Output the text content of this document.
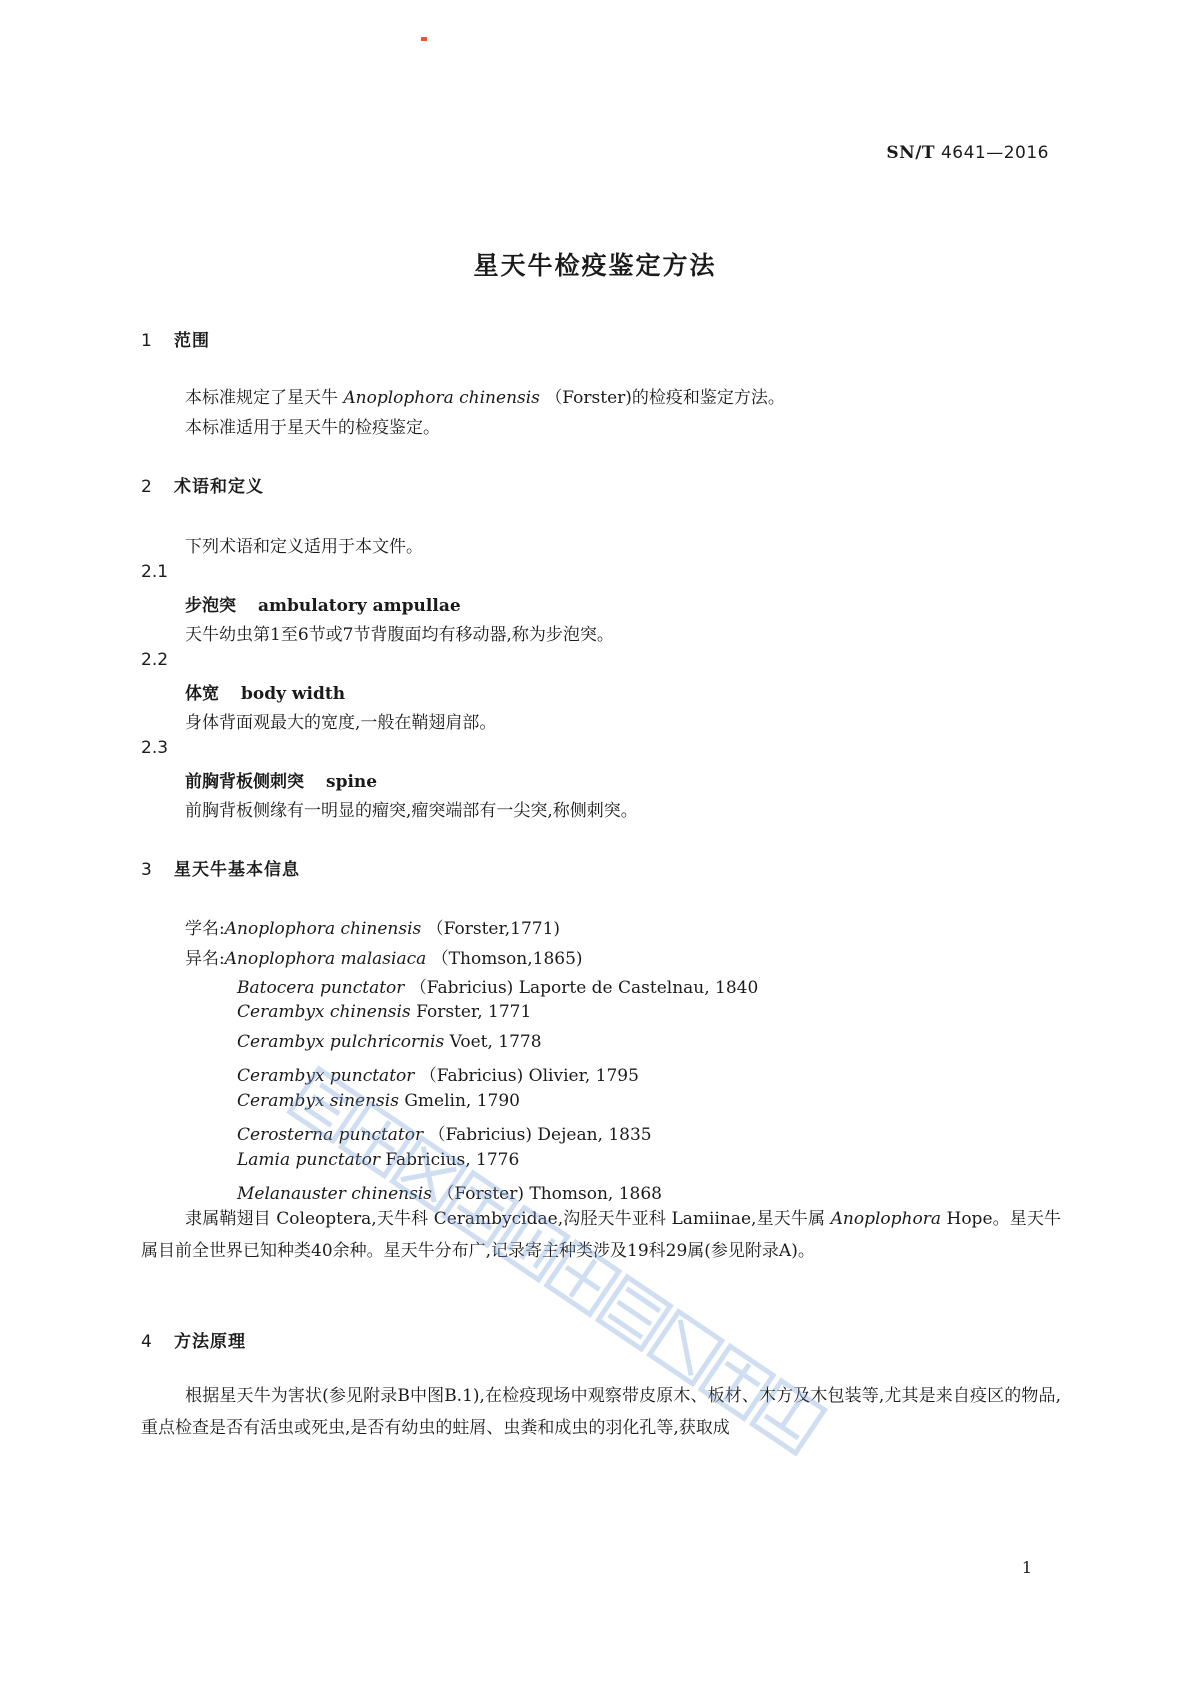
SN/T 4641—2016
星天牛检疫鉴定方法
1 范围
本标准规定了星天牛 Anoplophora chinensis （Forster)的检疫和鉴定方法。
本标准适用于星天牛的检疫鉴定。
2 术语和定义
下列术语和定义适用于本文件。
2.1
步泡突 ambulatory ampullae
天牛幼虫第1至6节或7节背腹面均有移动器,称为步泡突。
2.2
体宽 body width
身体背面观最大的宽度,一般在鞘翅肩部。
2.3
前胸背板侧刺突 spine
前胸背板侧缘有一明显的瘤突,瘤突端部有一尖突,称侧刺突。
3 星天牛基本信息
学名:Anoplophora chinensis （Forster,1771)
异名:Anoplophora malasiaca （Thomson,1865)
Batocera punctator （Fabricius) Laporte de Castelnau, 1840
Cerambyx chinensis Forster, 1771
Cerambyx pulchricornis Voet, 1778
Cerambyx punctator （Fabricius) Olivier, 1795
Cerambyx sinensis Gmelin, 1790
Cerosterna punctator （Fabricius) Dejean, 1835
Lamia punctator Fabricius, 1776
Melanauster chinensis （Forster) Thomson, 1868
隶属鞘翅目 Coleoptera,天牛科 Cerambycidae,沟胫天牛亚科 Lamiinae,星天牛属 Anoplophora Hope。星天牛属目前全世界已知种类40余种。星天牛分布广,记录寄主种类涉及19科29属(参见附录A)。
4 方法原理
根据星天牛为害状(参见附录B中图B.1),在检疫现场中观察带皮原木、板材、木方及木包装等,尤其是来自疫区的物品,重点检查是否有活虫或死虫,是否有幼虫的蛀屑、虫粪和成虫的羽化孔等,获取成
1
